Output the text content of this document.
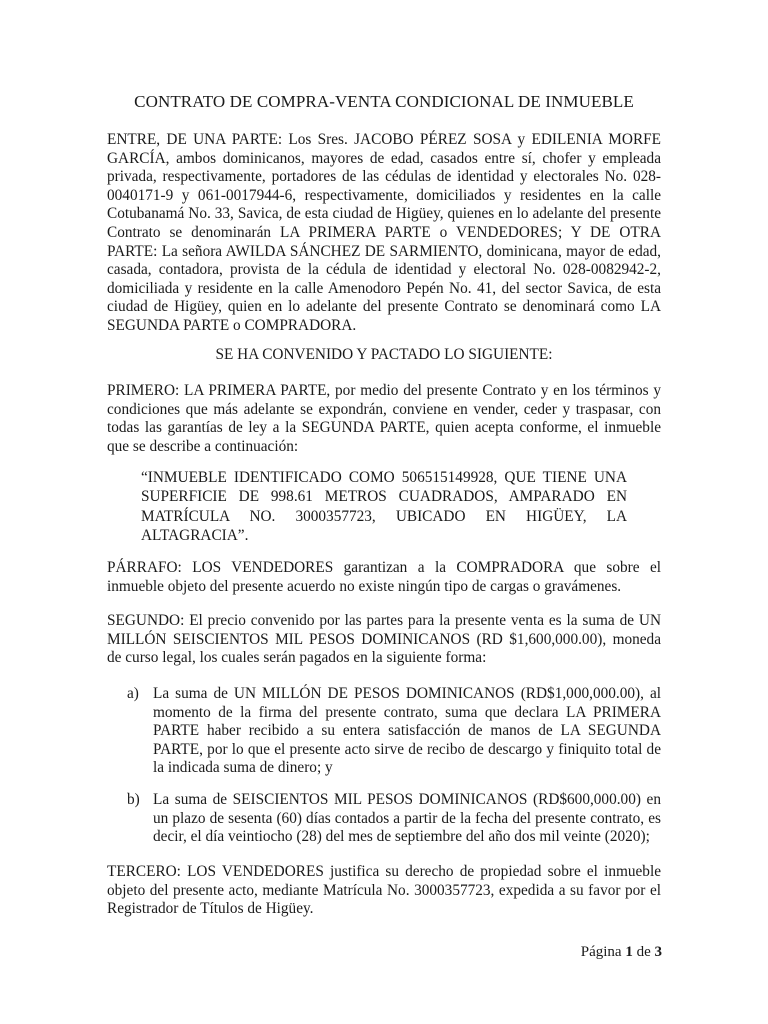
CONTRATO DE COMPRA-VENTA CONDICIONAL DE INMUEBLE

ENTRE, DE UNA PARTE: Los Sres. JACOBO PÉREZ SOSA y EDILENIA MORFE GARCÍA, ambos dominicanos, mayores de edad, casados entre sí, chofer y empleada privada, respectivamente, portadores de las cédulas de identidad y electorales No. 028-0040171-9 y 061-0017944-6, respectivamente, domiciliados y residentes en la calle Cotubanamá No. 33, Savica, de esta ciudad de Higüey, quienes en lo adelante del presente Contrato se denominarán LA PRIMERA PARTE o VENDEDORES; Y DE OTRA PARTE: La señora AWILDA SÁNCHEZ DE SARMIENTO, dominicana, mayor de edad, casada, contadora, provista de la cédula de identidad y electoral No. 028-0082942-2, domiciliada y residente en la calle Amenodoro Pepén No. 41, del sector Savica, de esta ciudad de Higüey, quien en lo adelante del presente Contrato se denominará como LA SEGUNDA PARTE o COMPRADORA.

SE HA CONVENIDO Y PACTADO LO SIGUIENTE:

PRIMERO: LA PRIMERA PARTE, por medio del presente Contrato y en los términos y condiciones que más adelante se expondrán, conviene en vender, ceder y traspasar, con todas las garantías de ley a la SEGUNDA PARTE, quien acepta conforme, el inmueble que se describe a continuación:

“INMUEBLE IDENTIFICADO COMO 506515149928, QUE TIENE UNA SUPERFICIE DE 998.61 METROS CUADRADOS, AMPARADO EN MATRÍCULA NO. 3000357723, UBICADO EN HIGÜEY, LA ALTAGRACIA”.

PÁRRAFO: LOS VENDEDORES garantizan a la COMPRADORA que sobre el inmueble objeto del presente acuerdo no existe ningún tipo de cargas o gravámenes.

SEGUNDO: El precio convenido por las partes para la presente venta es la suma de UN MILLÓN SEISCIENTOS MIL PESOS DOMINICANOS (RD $1,600,000.00), moneda de curso legal, los cuales serán pagados en la siguiente forma:

a) La suma de UN MILLÓN DE PESOS DOMINICANOS (RD$1,000,000.00), al momento de la firma del presente contrato, suma que declara LA PRIMERA PARTE haber recibido a su entera satisfacción de manos de LA SEGUNDA PARTE, por lo que el presente acto sirve de recibo de descargo y finiquito total de la indicada suma de dinero; y
b) La suma de SEISCIENTOS MIL PESOS DOMINICANOS (RD$600,000.00) en un plazo de sesenta (60) días contados a partir de la fecha del presente contrato, es decir, el día veintiocho (28) del mes de septiembre del año dos mil veinte (2020);

TERCERO: LOS VENDEDORES justifica su derecho de propiedad sobre el inmueble objeto del presente acto, mediante Matrícula No. 3000357723, expedida a su favor por el Registrador de Títulos de Higüey.

Página 1 de 3
